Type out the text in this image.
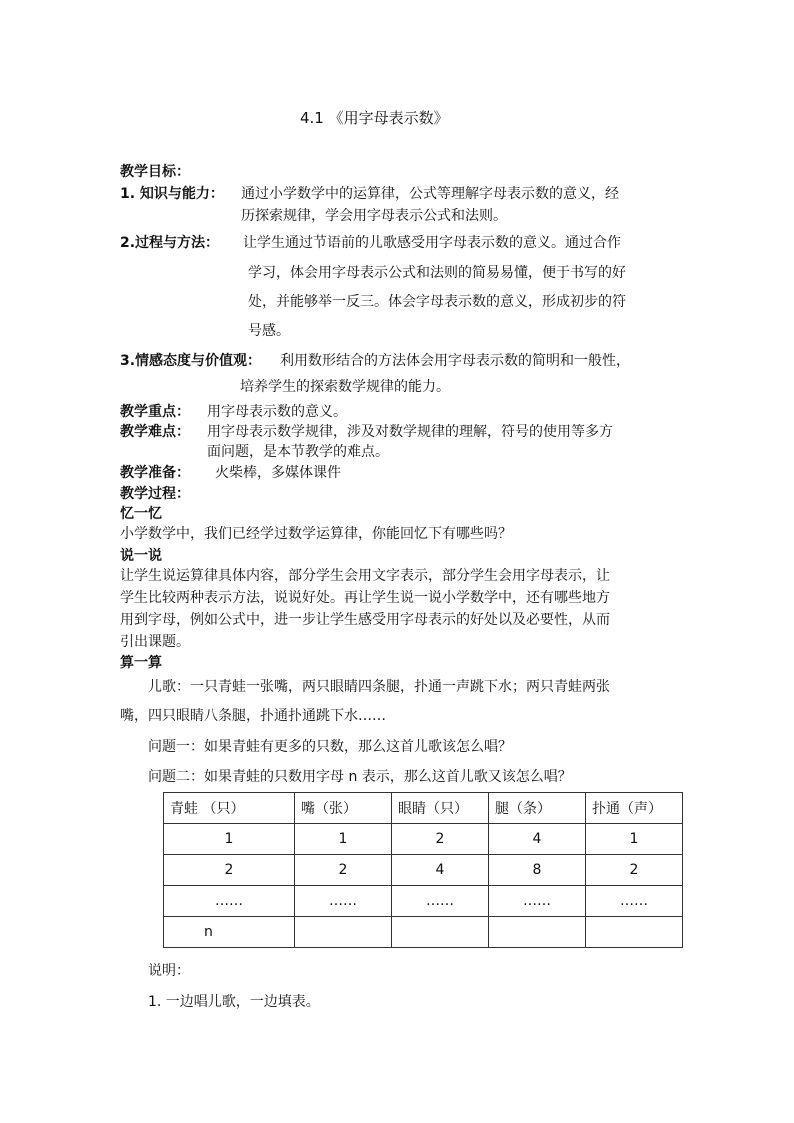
4.1 《用字母表示数》
教学目标：
1. 知识与能力： 通过小学数学中的运算律，公式等理解字母表示数的意义，经
历探索规律，学会用字母表示公式和法则。
2.过程与方法： 让学生通过节语前的儿歌感受用字母表示数的意义。通过合作
学习，体会用字母表示公式和法则的简易易懂，便于书写的好
处，并能够举一反三。体会字母表示数的意义，形成初步的符
号感。
3.情感态度与价值观： 利用数形结合的方法体会用字母表示数的简明和一般性，
培养学生的探索数学规律的能力。
教学重点： 用字母表示数的意义。
教学难点： 用字母表示数学规律，涉及对数学规律的理解，符号的使用等多方
面问题，是本节教学的难点。
教学准备： 火柴棒，多媒体课件
教学过程：
忆一忆
小学数学中，我们已经学过数学运算律，你能回忆下有哪些吗？
说一说
让学生说运算律具体内容，部分学生会用文字表示，部分学生会用字母表示，让
学生比较两种表示方法，说说好处。再让学生说一说小学数学中，还有哪些地方
用到字母，例如公式中，进一步让学生感受用字母表示的好处以及必要性，从而
引出课题。
算一算
儿歌：一只青蛙一张嘴，两只眼睛四条腿，扑通一声跳下水；两只青蛙两张
嘴，四只眼睛八条腿，扑通扑通跳下水……
问题一：如果青蛙有更多的只数，那么这首儿歌该怎么唱？
问题二：如果青蛙的只数用字母 n 表示，那么这首儿歌又该怎么唱？
青蛙 （只）	嘴（张）	眼睛（只）	腿（条）	扑通（声）
1	1	2	4	1
2	2	4	8	2
……	……	……	……	……
n				
说明：
1. 一边唱儿歌，一边填表。
